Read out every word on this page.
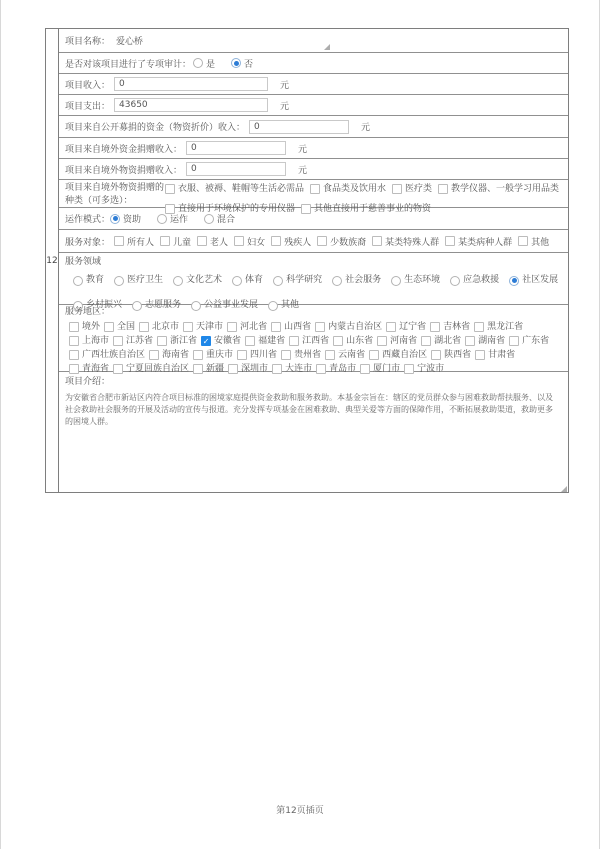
12
项目名称： 爱心桥
是否对该项目进行了专项审计： 是	否
项目收入：
0	元
项目支出：
43650	元
项目来自公开募捐的资金（物资折价）收入：
0	元
项目来自境外资金捐赠收入：
0	元
项目来自境外物资捐赠收入：
0	元
项目来自境外物资捐赠的种类（可多选）：
衣服、被褥、鞋帽等生活必需品 食品类及饮用水 医疗类 教学仪器、一般学习用品类
直接用于环境保护的专用仪器 其他直接用于慈善事业的物资
运作模式： 资助	运作	混合
服务对象： 所有人 儿童 老人 妇女 残疾人 少数族裔 某类特殊人群 某类病种人群 其他
服务领域
教育	医疗卫生	文化艺术	体育	科学研究	社会服务	生态环境	应急救援	社区发展
乡村振兴	志愿服务	公益事业发展	其他
服务地区：
境外 全国 北京市 天津市 河北省 山西省 内蒙古自治区 辽宁省 吉林省 黑龙江省
上海市 江苏省 浙江省 ✓ 安徽省 福建省 江西省 山东省 河南省 湖北省 湖南省 广东省
广西壮族自治区 海南省 重庆市 四川省 贵州省 云南省 西藏自治区 陕西省 甘肃省
青海省 宁夏回族自治区 新疆 深圳市 大连市 青岛市 厦门市 宁波市
项目介绍：
为安徽省合肥市新站区内符合项目标准的困境家庭提供资金救助和服务救助。本基金宗旨在：辖区的党员群众参与困难救助帮扶服务、以及社会救助社会服务的开展及活动的宣传与报道。充分发挥专项基金在困难救助、典型关爱等方面的保障作用，不断拓展救助渠道，救助更多的困境人群。
第12页插页
